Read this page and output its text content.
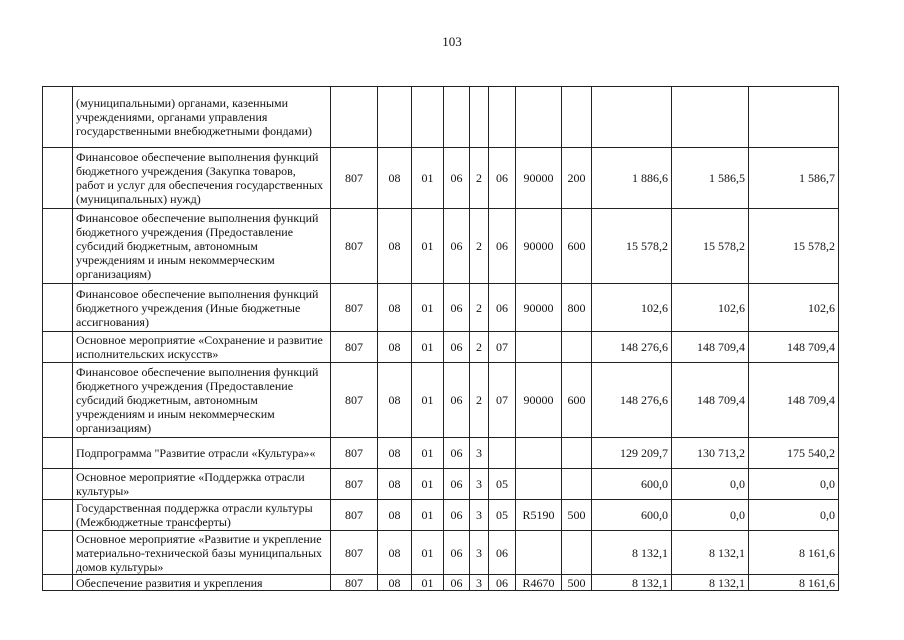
103
	(муниципальными) органами, казенными учреждениями, органами управления государственными внебюджетными фондами)											
	Финансовое обеспечение выполнения функций бюджетного учреждения (Закупка товаров, работ и услуг для обеспечения государственных (муниципальных) нужд)	807	08	01	06	2	06	90000	200	1 886,6	1 586,5	1 586,7
	Финансовое обеспечение выполнения функций бюджетного учреждения (Предоставление субсидий бюджетным, автономным учреждениям и иным некоммерческим организациям)	807	08	01	06	2	06	90000	600	15 578,2	15 578,2	15 578,2
	Финансовое обеспечение выполнения функций бюджетного учреждения (Иные бюджетные ассигнования)	807	08	01	06	2	06	90000	800	102,6	102,6	102,6
	Основное мероприятие «Сохранение и развитие исполнительских искусств»	807	08	01	06	2	07			148 276,6	148 709,4	148 709,4
	Финансовое обеспечение выполнения функций бюджетного учреждения (Предоставление субсидий бюджетным, автономным учреждениям и иным некоммерческим организациям)	807	08	01	06	2	07	90000	600	148 276,6	148 709,4	148 709,4
	Подпрограмма "Развитие отрасли «Культура»«	807	08	01	06	3				129 209,7	130 713,2	175 540,2
	Основное мероприятие «Поддержка отрасли культуры»	807	08	01	06	3	05			600,0	0,0	0,0
	Государственная поддержка отрасли культуры (Межбюджетные трансферты)	807	08	01	06	3	05	R5190	500	600,0	0,0	0,0
	Основное мероприятие «Развитие и укрепление материально-технической базы муниципальных домов культуры»	807	08	01	06	3	06			8 132,1	8 132,1	8 161,6
	Обеспечение развития и укрепления	807	08	01	06	3	06	R4670	500	8 132,1	8 132,1	8 161,6
